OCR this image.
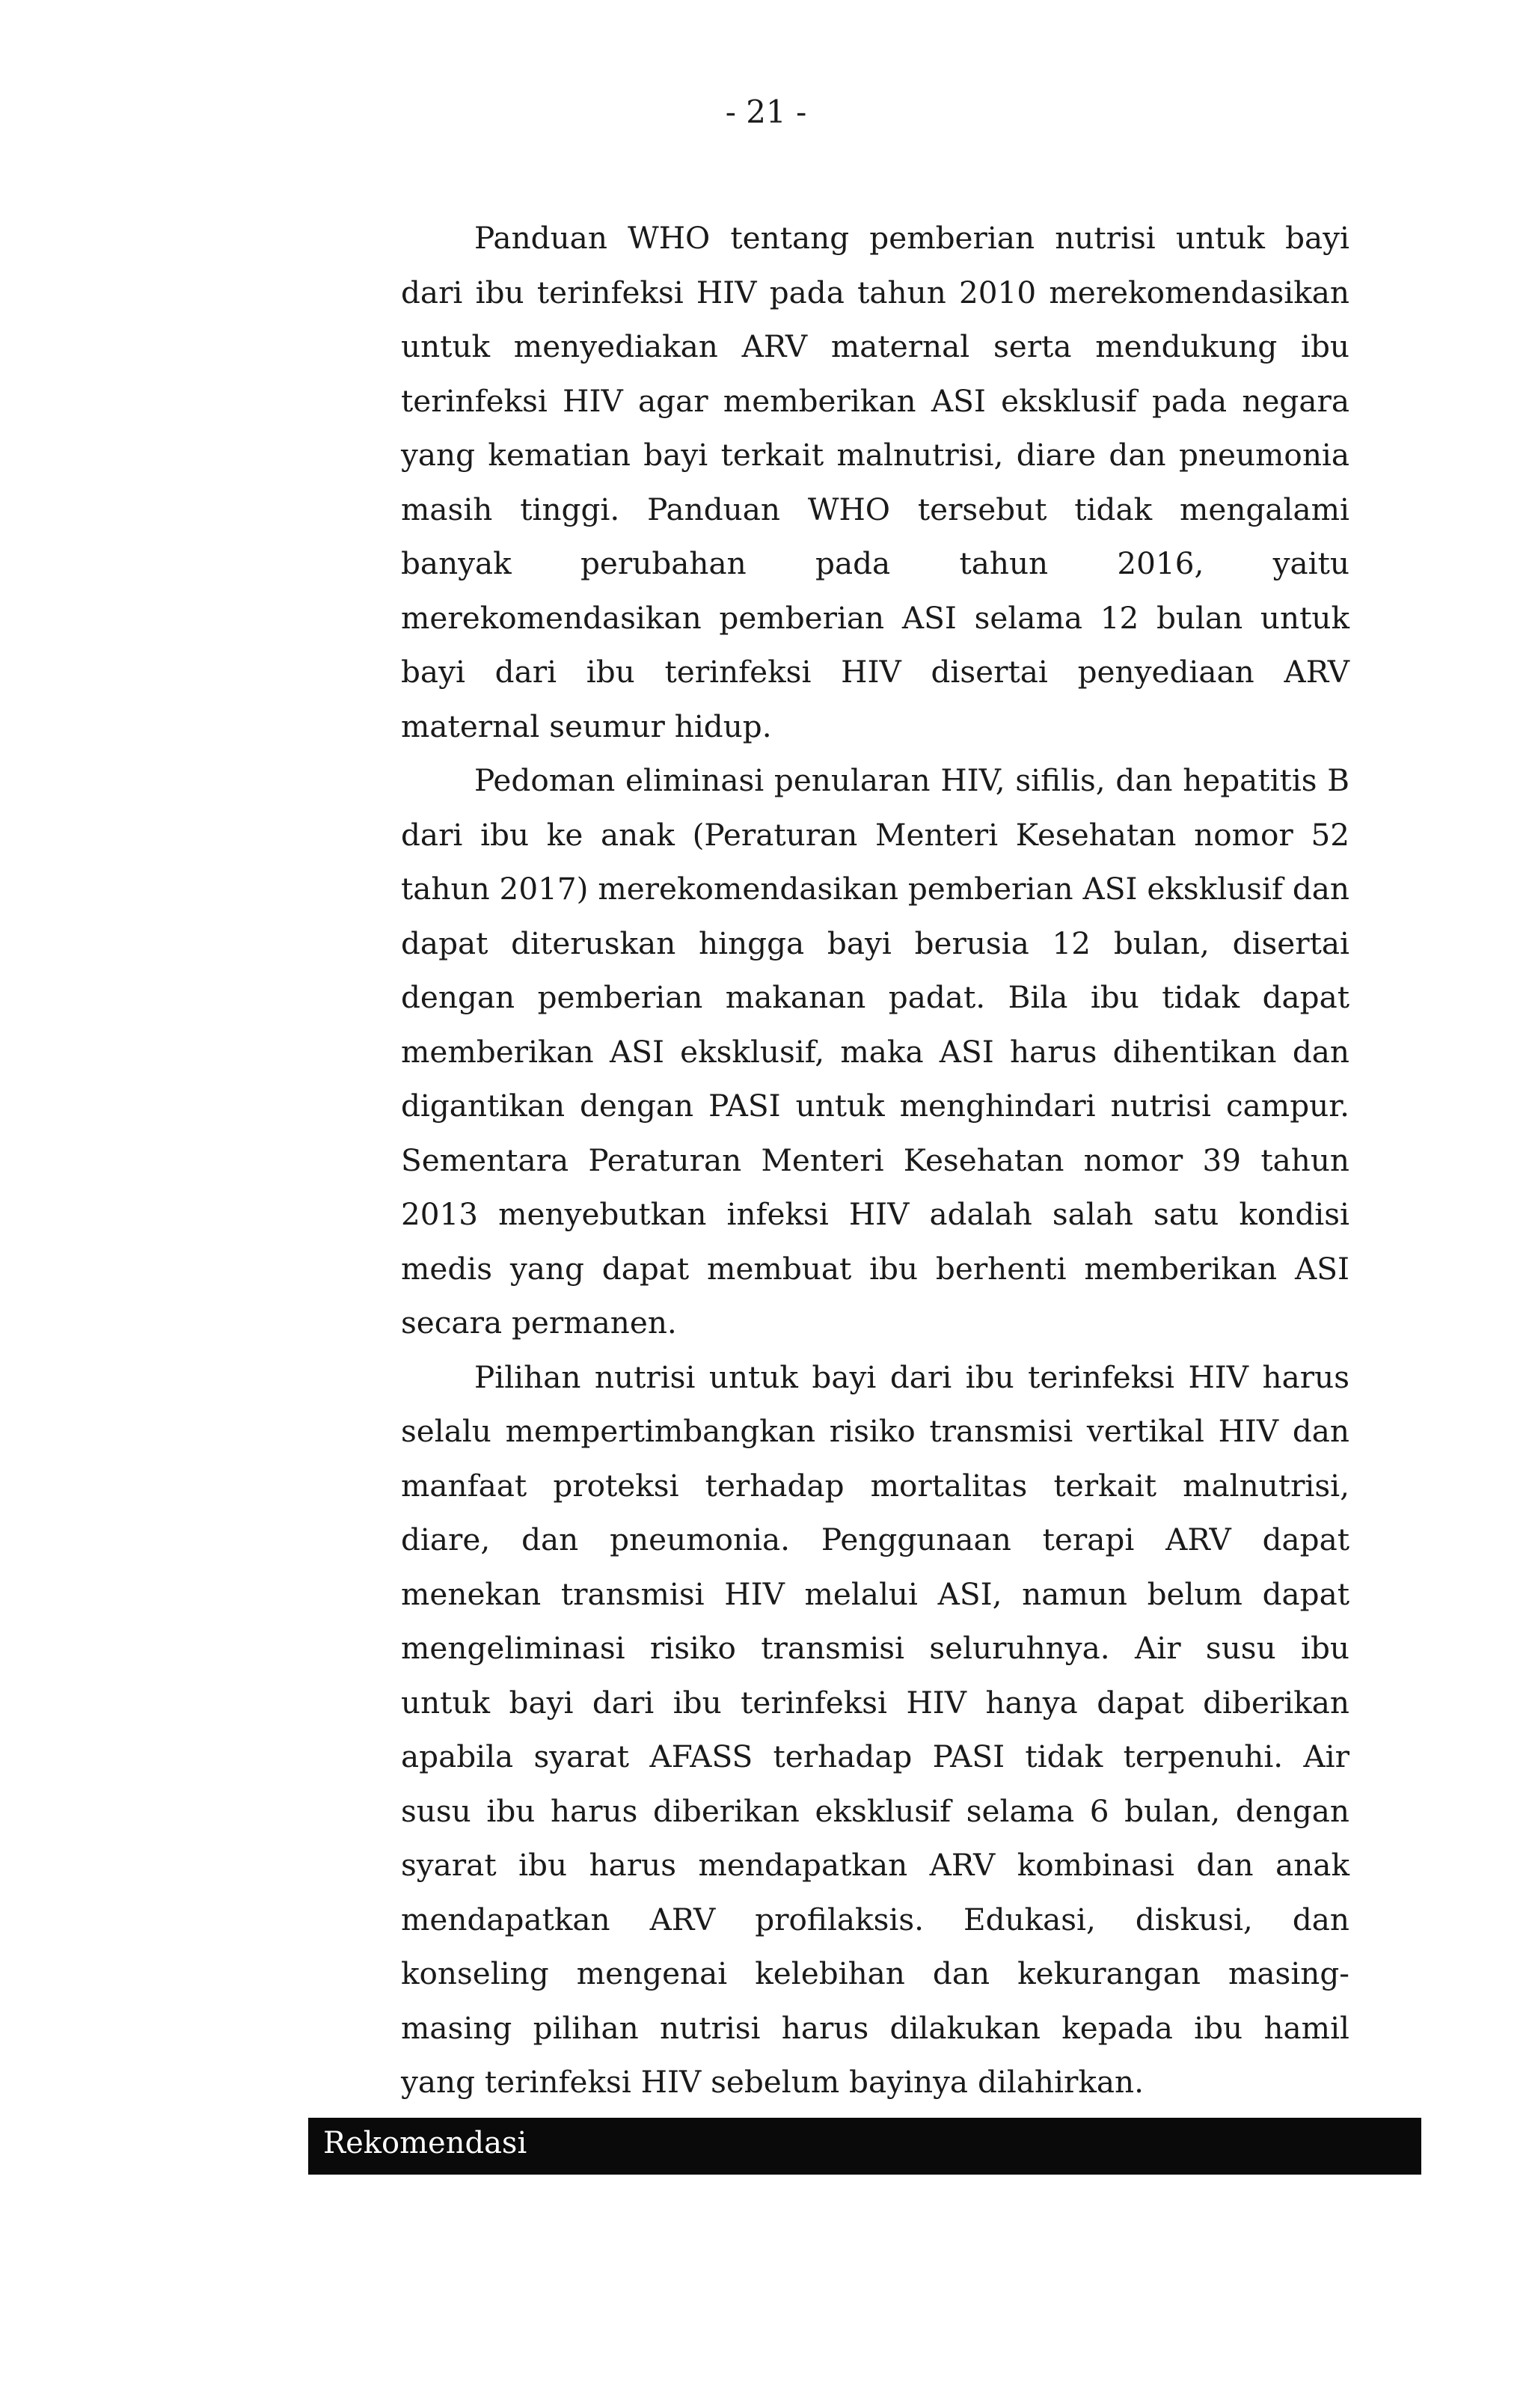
- 21 -

Panduan WHO tentang pemberian nutrisi untuk bayi dari ibu terinfeksi HIV pada tahun 2010 merekomendasikan untuk menyediakan ARV maternal serta mendukung ibu terinfeksi HIV agar memberikan ASI eksklusif pada negara yang kematian bayi terkait malnutrisi, diare dan pneumonia masih tinggi. Panduan WHO tersebut tidak mengalami banyak perubahan pada tahun 2016, yaitu merekomendasikan pemberian ASI selama 12 bulan untuk bayi dari ibu terinfeksi HIV disertai penyediaan ARV maternal seumur hidup.

Pedoman eliminasi penularan HIV, sifilis, dan hepatitis B dari ibu ke anak (Peraturan Menteri Kesehatan nomor 52 tahun 2017) merekomendasikan pemberian ASI eksklusif dan dapat diteruskan hingga bayi berusia 12 bulan, disertai dengan pemberian makanan padat. Bila ibu tidak dapat memberikan ASI eksklusif, maka ASI harus dihentikan dan digantikan dengan PASI untuk menghindari nutrisi campur. Sementara Peraturan Menteri Kesehatan nomor 39 tahun 2013 menyebutkan infeksi HIV adalah salah satu kondisi medis yang dapat membuat ibu berhenti memberikan ASI secara permanen.

Pilihan nutrisi untuk bayi dari ibu terinfeksi HIV harus selalu mempertimbangkan risiko transmisi vertikal HIV dan manfaat proteksi terhadap mortalitas terkait malnutrisi, diare, dan pneumonia. Penggunaan terapi ARV dapat menekan transmisi HIV melalui ASI, namun belum dapat mengeliminasi risiko transmisi seluruhnya. Air susu ibu untuk bayi dari ibu terinfeksi HIV hanya dapat diberikan apabila syarat AFASS terhadap PASI tidak terpenuhi. Air susu ibu harus diberikan eksklusif selama 6 bulan, dengan syarat ibu harus mendapatkan ARV kombinasi dan anak mendapatkan ARV profilaksis. Edukasi, diskusi, dan konseling mengenai kelebihan dan kekurangan masing-masing pilihan nutrisi harus dilakukan kepada ibu hamil yang terinfeksi HIV sebelum bayinya dilahirkan.

Rekomendasi
